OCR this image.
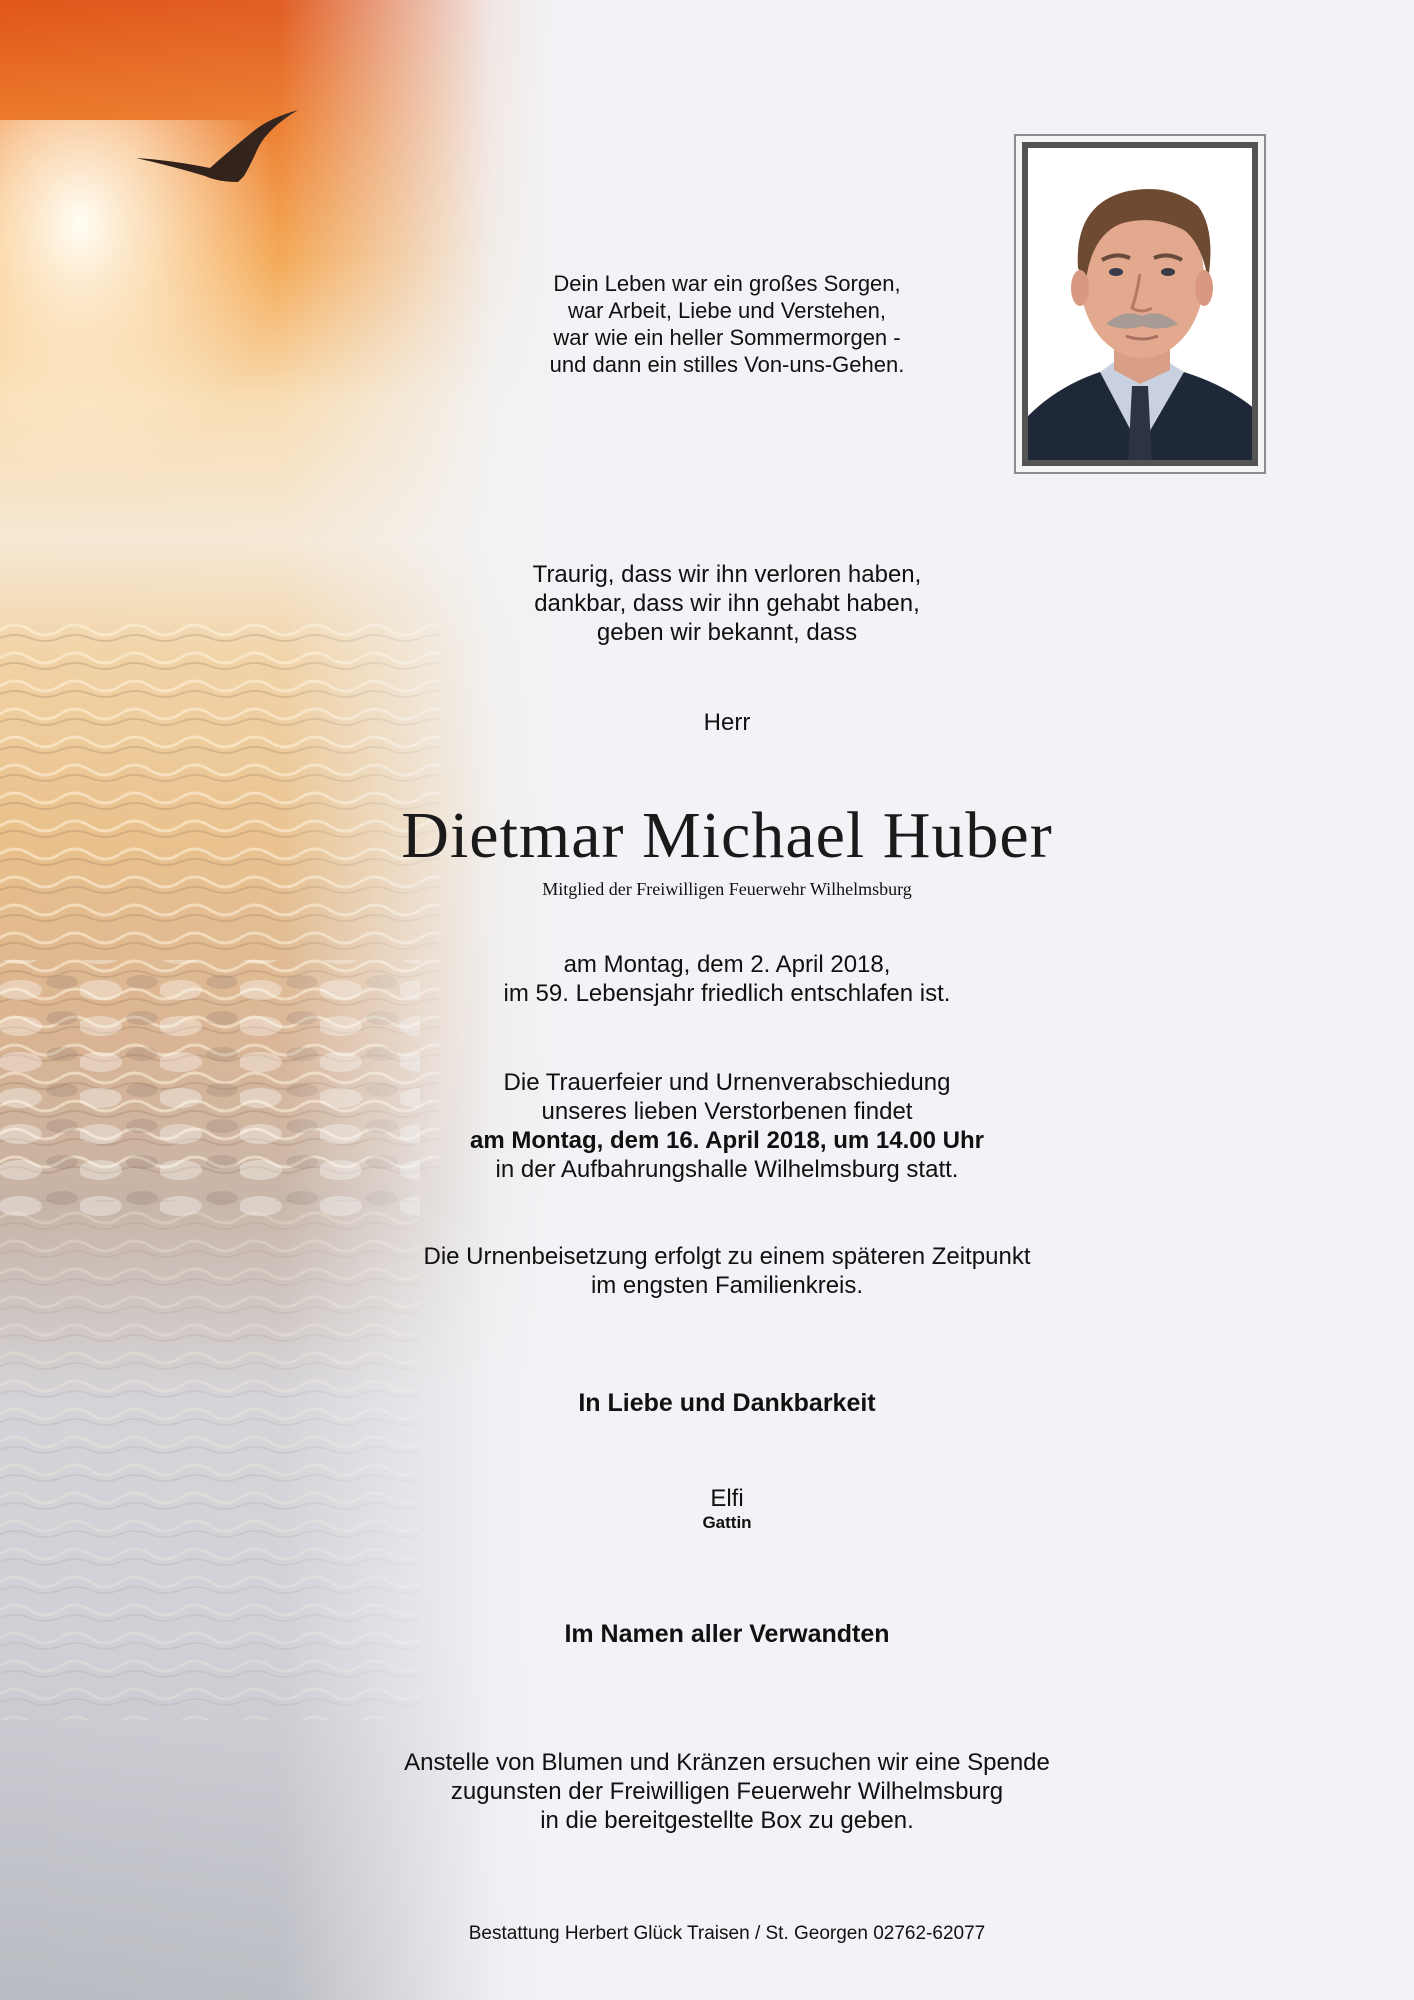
Dein Leben war ein großes Sorgen,
war Arbeit, Liebe und Verstehen,
war wie ein heller Sommermorgen -
und dann ein stilles Von-uns-Gehen.
Traurig, dass wir ihn verloren haben,
dankbar, dass wir ihn gehabt haben,
geben wir bekannt, dass
Herr
Dietmar Michael Huber
Mitglied der Freiwilligen Feuerwehr Wilhelmsburg
am Montag, dem 2. April 2018,
im 59. Lebensjahr friedlich entschlafen ist.
Die Trauerfeier und Urnenverabschiedung
unseres lieben Verstorbenen findet
am Montag, dem 16. April 2018, um 14.00 Uhr
in der Aufbahrungshalle Wilhelmsburg statt.
Die Urnenbeisetzung erfolgt zu einem späteren Zeitpunkt
im engsten Familienkreis.
In Liebe und Dankbarkeit
Elfi
Gattin
Im Namen aller Verwandten
Anstelle von Blumen und Kränzen ersuchen wir eine Spende
zugunsten der Freiwilligen Feuerwehr Wilhelmsburg
in die bereitgestellte Box zu geben.
Bestattung Herbert Glück Traisen / St. Georgen 02762-62077
